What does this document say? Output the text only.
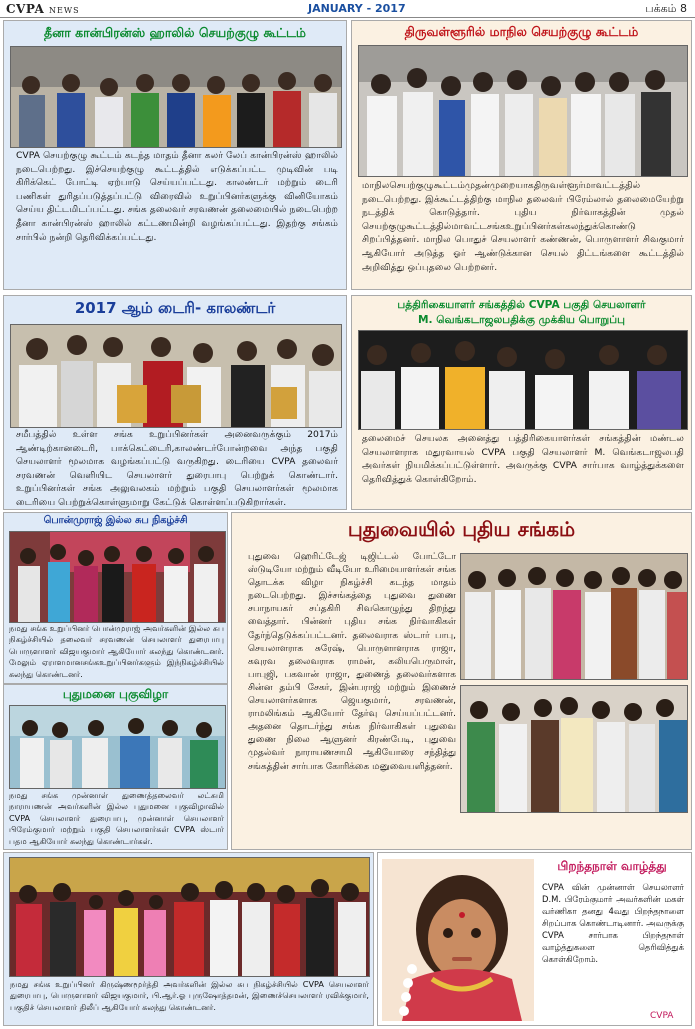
CVPA NEWS	JANUARY - 2017	பக்கம் 8
தீனா கான்பிரன்ஸ் ஹாலில் செயற்குழு கூட்டம்
CVPA செயற்குழு கூட்டம் கடந்த மாதம் தீனா கலர் லேப் கான்பிரன்ஸ் ஹாலில் நடைபெற்றது. இச்செயற்குழு கூட்டத்தில் எடுக்கப்பட்ட முடிவின் படி கிரிக்கெட் போட்டி ஏற்பாடு செய்யப்பட்டது. காலண்டர் மற்றும் டைரி பணிகள் துரிதப்படுத்தப்பட்டு விரைவில் உறுப்பினர்களுக்கு வினியோகம் செய்ய திட்டமிடப்பட்டது. சங்க தலைவர் சரவணன் தலைமையில் நடைபெற்ற தீனா கான்பிரன்ஸ் ஹாலில் கட்டணமின்றி வழங்கப்பட்டது. இதற்கு சங்கம் சார்பில் நன்றி தெரிவிக்கப்பட்டது.
திருவள்ளூரில் மாநில செயற்குழு கூட்டம்
மாநிலசெயற்குழுகூட்டம்முதன்முறையாகதிருவள்ளூர்மாவட்டத்தில் நடைபெற்றது. இக்கூட்டத்திற்கு மாநில தலைவர் பிரேம்லால் தலைமையேற்று நடத்திக் கொடுத்தார். புதிய நிர்வாகத்தின் முதல் செயற்குழுகூட்டத்தில்மாவட்டசங்கஉறுப்பினர்கள்கலந்துக்கொண்டு சிறப்பித்தனர். மாநில பொதுச் செயலாளர் கண்ணன், பொருளாளர் சிவகுமார் ஆகியோர் அடுத்த ஓர் ஆண்டுக்கான செயல் திட்டங்களை கூட்டத்தில் அறிவித்து ஒப்புதலை பெற்றனர்.
2017 ஆம் டைரி- காலண்டர்
சமீபத்தில் உள்ள சங்க உறுப்பினர்கள் அனைவருக்கும் 2017ம் ஆண்டிற்கானடைரி, பாக்கெட்டைரி,காலண்டர்போன்றவை அந்த பகுதி செயலாளர் மூலமாக வழங்கப்பட்டு வருகிறது. டைரியை CVPA தலைவர் சரவணன் வெளியிட செயலாளர் துரைபாபு பெற்றுக் கொண்டார். உறுப்பினர்கள் சங்க அலுவலகம் மற்றும் பகுதி செயலாளர்கள் மூலமாக டைரியை பெற்றுக்கொள்ளுமாறு கேட்டுக் கொள்ளப்படுகிறார்கள்.
பத்திரிகையாளர் சங்கத்தில் CVPA பகுதி செயலாளர்
M. வெங்கடாஜலபதிக்கு முக்கிய பொறுப்பு
தலைமைச் செயலக அனைத்து பத்திரிகையாளர்கள் சங்கத்தின் மண்டல செயலாளராக மதுரவாயல் CVPA பகுதி செயலாளர் M. வெங்கடாஜலபதி அவர்கள் நியமிக்கப்பட்டுள்ளார். அவருக்கு CVPA சார்பாக வாழ்த்துக்களை தெரிவித்துக் கொள்கிறோம்.
பொன்முராஜ் இல்ல சுப நிகழ்ச்சி
நமது சங்க உறுப்பினர் பொன்முராஜ் அவர்களின் இல்ல சுப நிகழ்ச்சியில் தலைவர் சரவணன் செயலாளர் துரைபாபு பொருளாளர் விஜயகுமார் ஆகியோர் கலந்து கொண்டனர். மேலும் ஏராளமானசங்கஉறுப்பினர்களும் இந்நிகழ்ச்சியில் கலந்து கொண்டனர்.
புதுமனை புகுவிழா
நமது சங்க முன்னாள் துணைத்தலைவர் லட்சுமி நாராயணன் அவர்களின் இல்ல புதுமனை புகுவிழாவில் CVPA செயலாளர் துரைபாபு, முன்னாள் செயலாளர் பிரேம்குமார் மற்றும் பகுதி செயலாளர்கள் CVPA ஸ்டார் பதம ஆகியோர் கலந்து கொண்டார்கள்.
புதுவையில் புதிய சங்கம்
புதுவை ஹெரிட்டேஜ் டிஜிட்டல் போட்டோ ஸ்டுடியோ மற்றும் வீடியோ உரிமையாளர்கள் சங்க தொடக்க விழா நிகழ்ச்சி கடந்த மாதம் நடைபெற்றது. இச்சங்கத்தை புதுவை துணை சபாநாயகர் சப்தகிரி சிவகொழுந்து திறந்து வைத்தார். பின்னர் புதிய சங்க நிர்வாகிகள் தேர்ந்தெடுக்கப்பட்டனர். தலைவராக ஸ்டார் பாபு, செயலாளராக சுரேஷ், பொருளாளராக ராஜா, கவுரவ தலைவராக ராமன், கலியபெருமாள், பாபுஜி, பகவான் ராஜா, துணைத் தலைவர்களாக சின்ன தம்பி சேகர், இன்பராஜ் மற்றும் இணைச் செயலாளர்களாக ஜெயகுமார், சரவணன், ராமலிங்கம் ஆகியோர் தேர்வு செய்யப்பட்டனர். அதனை தொடர்ந்து சங்க நிர்வாகிகள் புதுவை துணை நிலை ஆளுனர் கிரண்பேடி, புதுவை முதல்வர் நாராயணசாமி ஆகியோரை சந்தித்து சங்கத்தின் சார்பாக கோரிக்கை மனுவையளித்தனர்.
நமது சங்க உறுப்பினர் கிருஷ்ணமூர்த்தி அவர்களின் இல்ல சுப நிகழ்ச்சியில் CVPA செயலாளர் துரைபாபு, பொருளாளர் விஜயகுமார், பி.ஆர்.ஓ புருஷோத்தமன், இணைச்செயலாளர் ரவிக்குமார், பகுதிச் செயலாளர் திலீப் ஆகியோர் கலந்து கொண்டனர்.
பிறந்தநாள் வாழ்த்து
CVPA வின் முன்னாள் செயலாளர் D.M. பிரேம்குமார் அவர்களின் மகள் வர்ணிகா தனது 4வது பிறந்தநாளை சிறப்பாக கொண்டாடினார். அவருக்கு CVPA சார்பாக பிறந்தநாள் வாழ்த்துகளை தெரிவித்துக் கொள்கிறோம்.
CVPA
